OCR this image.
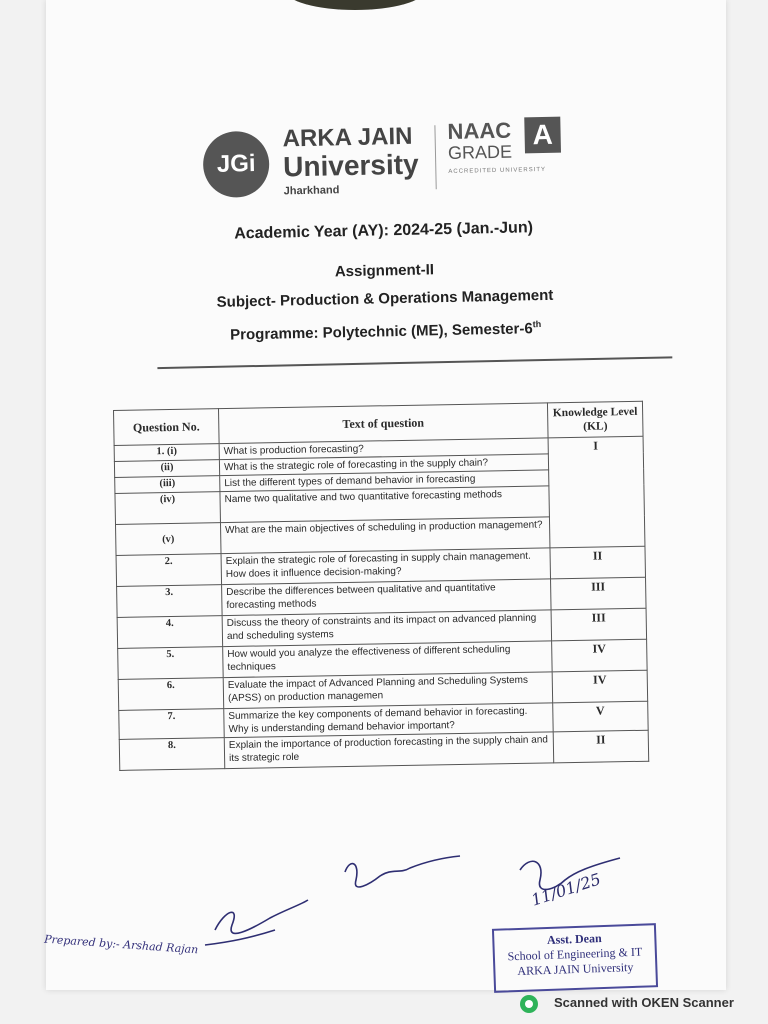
JGi
ARKA JAIN
University
Jharkhand
NAAC
GRADE
ACCREDITED UNIVERSITY
A
Academic Year (AY): 2024-25 (Jan.-Jun)
Assignment-II
Subject- Production & Operations Management
Programme: Polytechnic (ME), Semester-6th
Question No.	Text of question	Knowledge Level (KL)
1. (i)	What is production forecasting?	I
(ii)	What is the strategic role of forecasting in the supply chain?	
(iii)	List the different types of demand behavior in forecasting	
(iv)	Name two qualitative and two quantitative forecasting methods	
(v)	What are the main objectives of scheduling in production management?	
2.	Explain the strategic role of forecasting in supply chain management. How does it influence decision-making?	II
3.	Describe the differences between qualitative and quantitative forecasting methods	III
4.	Discuss the theory of constraints and its impact on advanced planning and scheduling systems	III
5.	How would you analyze the effectiveness of different scheduling techniques	IV
6.	Evaluate the impact of Advanced Planning and Scheduling Systems (APSS) on production managemen	IV
7.	Summarize the key components of demand behavior in forecasting. Why is understanding demand behavior important?	V
8.	Explain the importance of production forecasting in the supply chain and its strategic role	II
Prepared by:- Arshad Rajan
11/01/25
Asst. Dean
School of Engineering & IT
ARKA JAIN University
Scanned with OKEN Scanner
